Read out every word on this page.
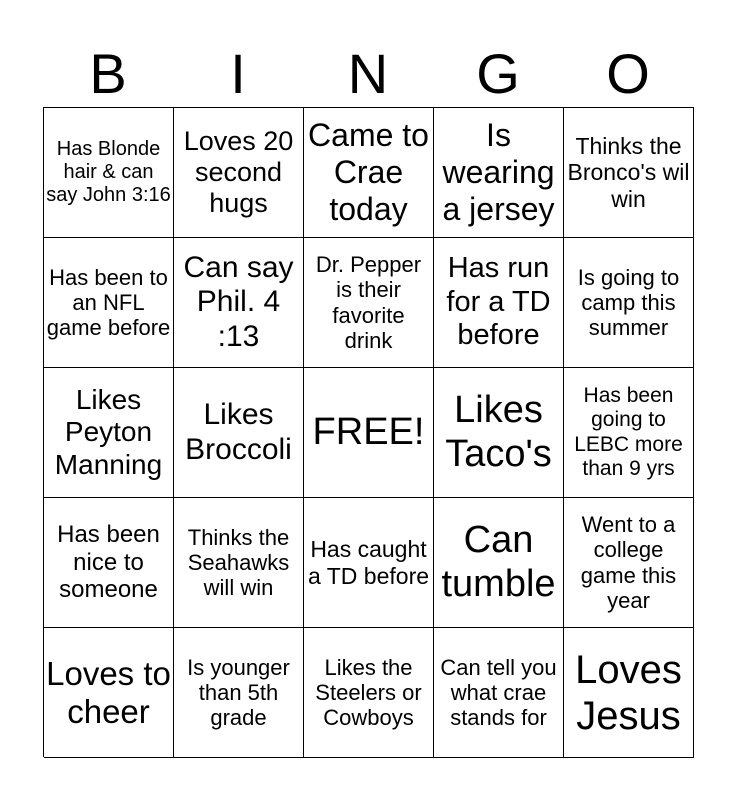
B	I	N	G	O
Has Blonde hair & can say John 3:16
Loves 20 second hugs
Came to Crae today
Is wearing a jersey
Thinks the Bronco's wil win
Has been to an NFL game before
Can say Phil. 4 :13
Dr. Pepper is their favorite drink
Has run for a TD before
Is going to camp this summer
Likes Peyton Manning
Likes Broccoli FREE!
Likes Taco's
Has been going to LEBC more than 9 yrs
Has been nice to someone
Thinks the Seahawks will win
Has caught a TD before
Can tumble
Went to a college game this year
Loves to cheer
Is younger than 5th grade
Likes the Steelers or Cowboys
Can tell you what crae stands for
Loves Jesus
